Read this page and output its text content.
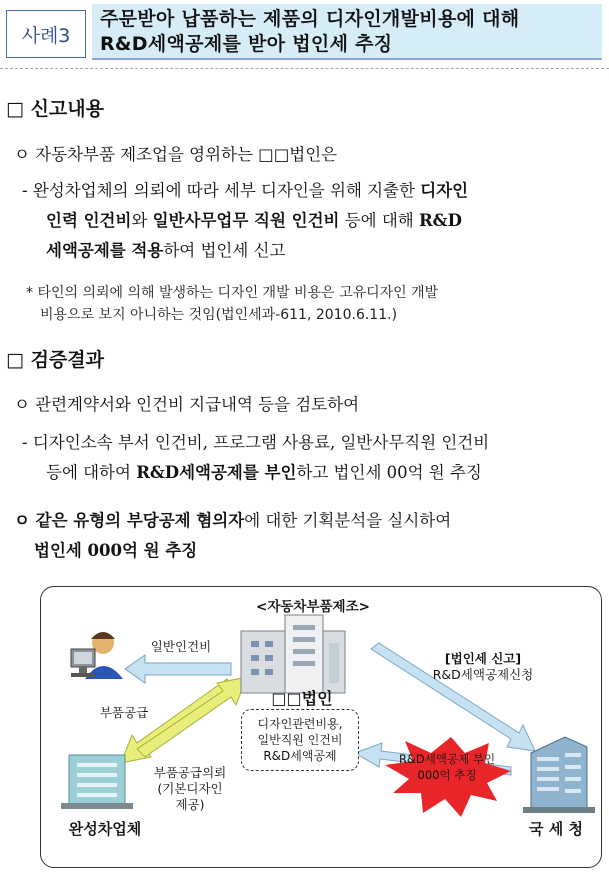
사례3
주문받아 납품하는 제품의 디자인개발비용에 대해
R&D세액공제를 받아 법인세 추징
□ 신고내용
ㅇ 자동차부품 제조업을 영위하는 □□법인은
- 완성차업체의 의뢰에 따라 세부 디자인을 위해 지출한 디자인
인력 인건비와 일반사무업무 직원 인건비 등에 대해 R&D
세액공제를 적용하여 법인세 신고
* 타인의 의뢰에 의해 발생하는 디자인 개발 비용은 고유디자인 개발
비용으로 보지 아니하는 것임(법인세과-611, 2010.6.11.)
□ 검증결과
ㅇ 관련계약서와 인건비 지급내역 등을 검토하여
- 디자인소속 부서 인건비, 프로그램 사용료, 일반사무직원 인건비
등에 대하여 R&D세액공제를 부인하고 법인세 00억 원 추징
ㅇ 같은 유형의 부당공제 혐의자에 대한 기획분석을 실시하여
법인세 000억 원 추징
<자동차부품제조>
일반인건비
□□법인
부품공급
부품공급의뢰
(기본디자인
제공)
완성차업체	국 세 청
[법인세 신고]
R&D세액공제신청
디자인관련비용,
일반직원 인건비
R&D세액공제	R&D세액공제 부인
000억 추징
